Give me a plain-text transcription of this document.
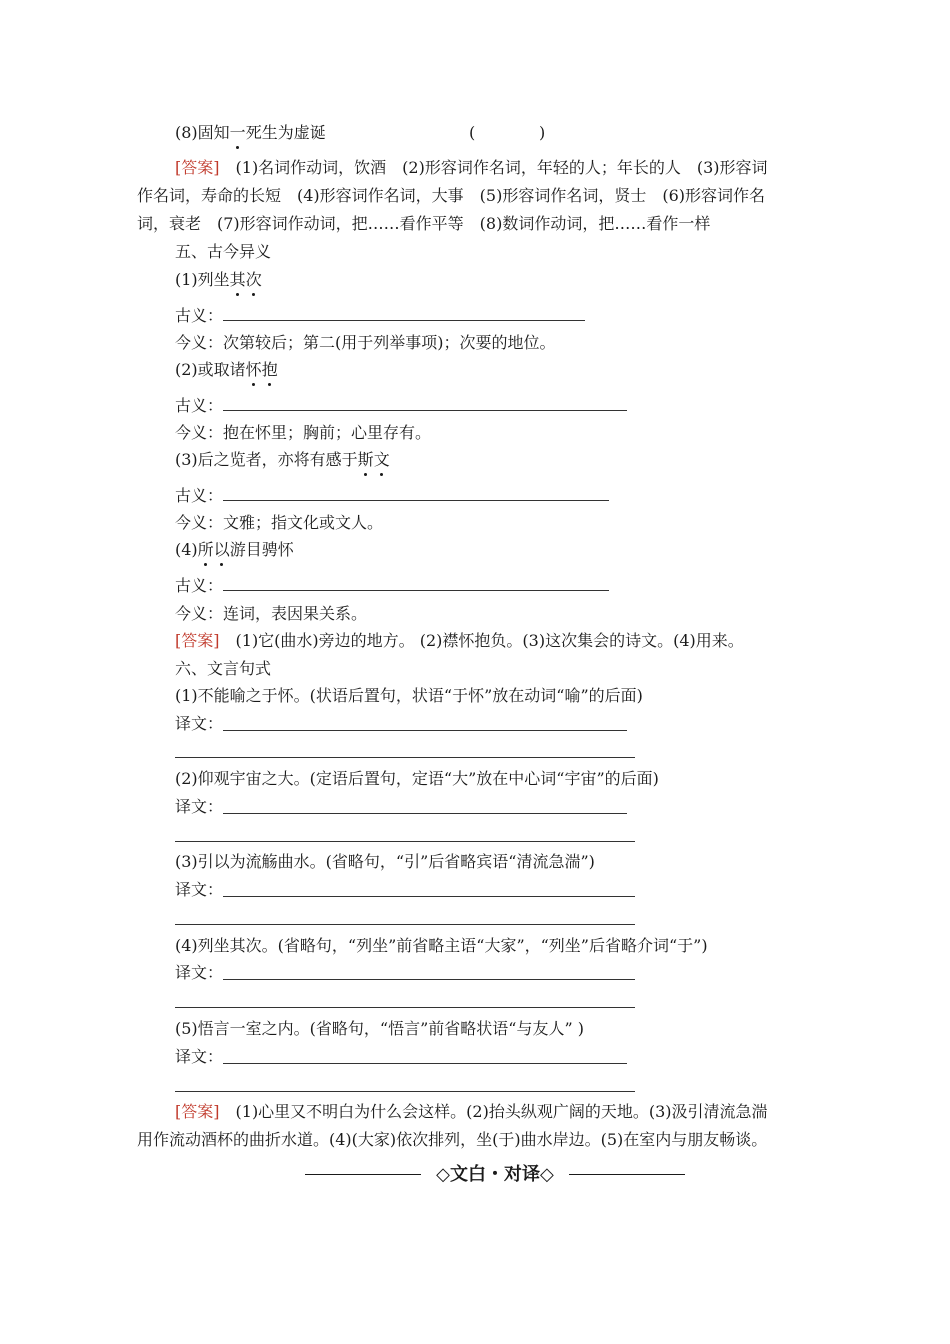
(8)固知一死生为虚诞	(	)
[答案]　 (1)名词作动词，饮酒　(2)形容词作名词，年轻的人；年长的人　(3)形容词
作名词，寿命的长短　(4)形容词作名词，大事　(5)形容词作名词，贤士　(6)形容词作名
词，衰老　(7)形容词作动词，把……看作平等　(8)数词作动词，把……看作一样
五、古今异义
(1)列坐其次
古义：
今义：次第较后；第二(用于列举事项)；次要的地位。
(2)或取诸怀抱
古义：
今义：抱在怀里；胸前；心里存有。
(3)后之览者，亦将有感于斯文
古义：
今义：文雅；指文化或文人。
(4)所以游目骋怀
古义：
今义：连词，表因果关系。
[答案]　 (1)它(曲水)旁边的地方。 (2)襟怀抱负。(3)这次集会的诗文。(4)用来。
六、文言句式
(1)不能喻之于怀。(状语后置句，状语“于怀”放在动词“喻”的后面)
译文：
(2)仰观宇宙之大。(定语后置句，定语“大”放在中心词“宇宙”的后面)
译文：
(3)引以为流觞曲水。(省略句，“引”后省略宾语“清流急湍”)
译文：
(4)列坐其次。(省略句，“列坐”前省略主语“大家”，“列坐”后省略介词“于”)
译文：
(5)悟言一室之内。(省略句，“悟言”前省略状语“与友人” )
译文：
[答案]　 (1)心里又不明白为什么会这样。(2)抬头纵观广阔的天地。(3)汲引清流急湍
用作流动酒杯的曲折水道。(4)(大家)依次排列，坐(于)曲水岸边。(5)在室内与朋友畅谈。
◇文白・对译◇
